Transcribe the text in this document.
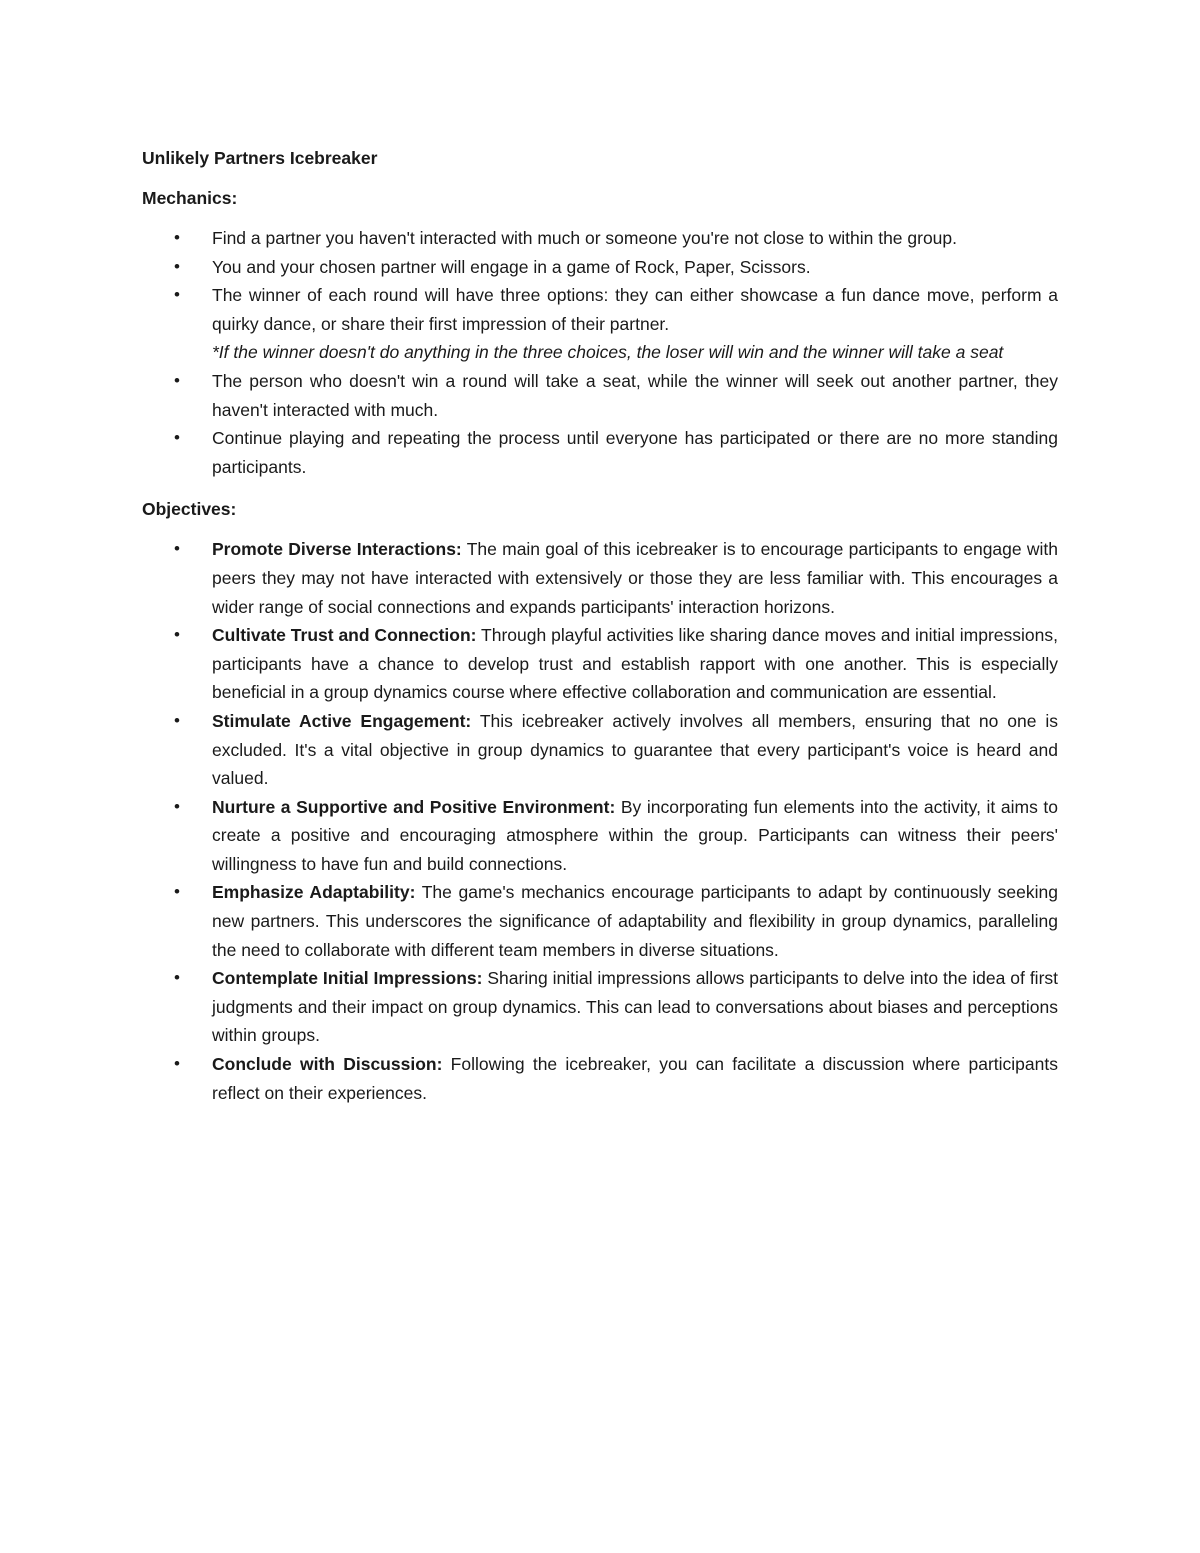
Unlikely Partners Icebreaker
Mechanics:
• Find a partner you haven't interacted with much or someone you're not close to within the group.
• You and your chosen partner will engage in a game of Rock, Paper, Scissors.
• The winner of each round will have three options: they can either showcase a fun dance move, perform a quirky dance, or share their first impression of their partner.
*If the winner doesn't do anything in the three choices, the loser will win and the winner will take a seat
• The person who doesn't win a round will take a seat, while the winner will seek out another partner, they haven't interacted with much.
• Continue playing and repeating the process until everyone has participated or there are no more standing participants.
Objectives:
• Promote Diverse Interactions: The main goal of this icebreaker is to encourage participants to engage with peers they may not have interacted with extensively or those they are less familiar with. This encourages a wider range of social connections and expands participants' interaction horizons.
• Cultivate Trust and Connection: Through playful activities like sharing dance moves and initial impressions, participants have a chance to develop trust and establish rapport with one another. This is especially beneficial in a group dynamics course where effective collaboration and communication are essential.
• Stimulate Active Engagement: This icebreaker actively involves all members, ensuring that no one is excluded. It's a vital objective in group dynamics to guarantee that every participant's voice is heard and valued.
• Nurture a Supportive and Positive Environment: By incorporating fun elements into the activity, it aims to create a positive and encouraging atmosphere within the group. Participants can witness their peers' willingness to have fun and build connections.
• Emphasize Adaptability: The game's mechanics encourage participants to adapt by continuously seeking new partners. This underscores the significance of adaptability and flexibility in group dynamics, paralleling the need to collaborate with different team members in diverse situations.
• Contemplate Initial Impressions: Sharing initial impressions allows participants to delve into the idea of first judgments and their impact on group dynamics. This can lead to conversations about biases and perceptions within groups.
• Conclude with Discussion: Following the icebreaker, you can facilitate a discussion where participants reflect on their experiences.
